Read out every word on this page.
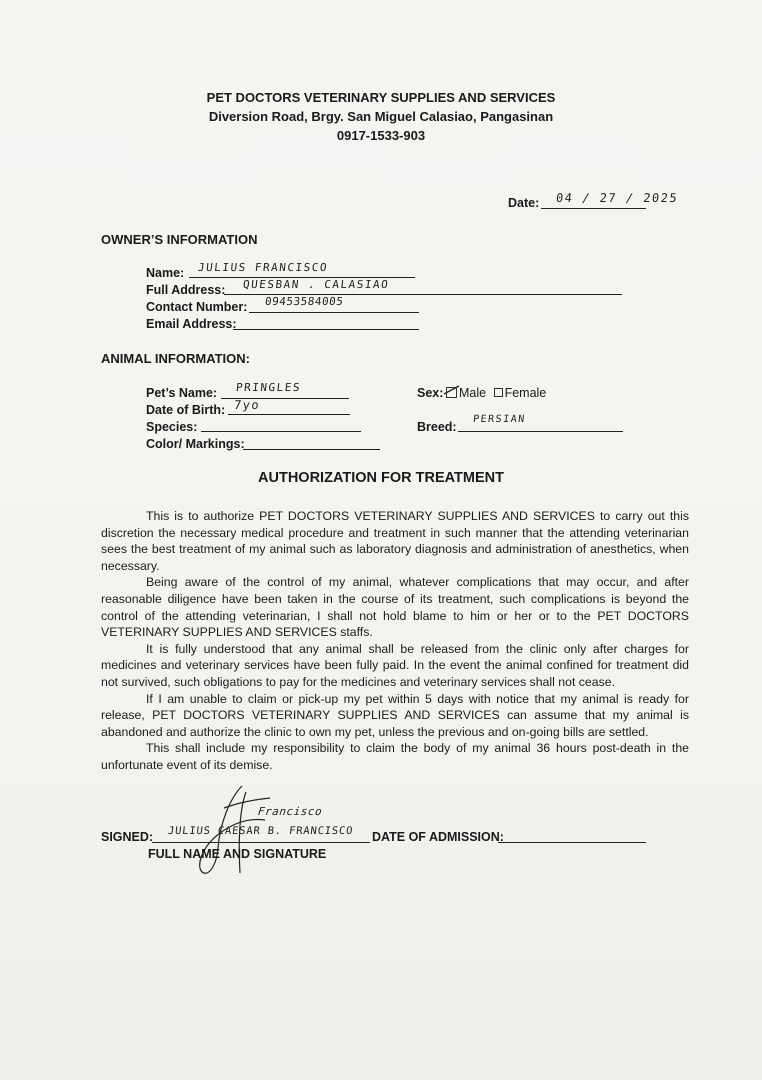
PET DOCTORS VETERINARY SUPPLIES AND SERVICES
Diversion Road, Brgy. San Miguel Calasiao, Pangasinan
0917-1533-903
Date: 04 / 27 / 2025
OWNER’S INFORMATION
Name: JULIUS FRANCISCO
Full Address: QUESBAN . CALASIAO
Contact Number: 09453584005
Email Address:
ANIMAL INFORMATION:
Pet’s Name: PRINGLES
Date of Birth: 7yo
Species:
Color/ Markings:
Sex:	Male Female
Breed:
PERSIAN
AUTHORIZATION FOR TREATMENT

This is to authorize PET DOCTORS VETERINARY SUPPLIES AND SERVICES to carry out this discretion the necessary medical procedure and treatment in such manner that the attending veterinarian sees the best treatment of my animal such as laboratory diagnosis and administration of anesthetics, when necessary.

Being aware of the control of my animal, whatever complications that may occur, and after reasonable diligence have been taken in the course of its treatment, such complications is beyond the control of the attending veterinarian, I shall not hold blame to him or her or to the PET DOCTORS VETERINARY SUPPLIES AND SERVICES staffs.

It is fully understood that any animal shall be released from the clinic only after charges for medicines and veterinary services have been fully paid. In the event the animal confined for treatment did not survived, such obligations to pay for the medicines and veterinary services shall not cease.

If I am unable to claim or pick-up my pet within 5 days with notice that my animal is ready for release, PET DOCTORS VETERINARY SUPPLIES AND SERVICES can assume that my animal is abandoned and authorize the clinic to own my pet, unless the previous and on-going bills are settled.

This shall include my responsibility to claim the body of my animal 36 hours post-death in the unfortunate event of its demise.

Francisco
SIGNED: JULIUS CAESAR B. FRANCISCO DATE OF ADMISSION:
FULL NAME AND SIGNATURE
